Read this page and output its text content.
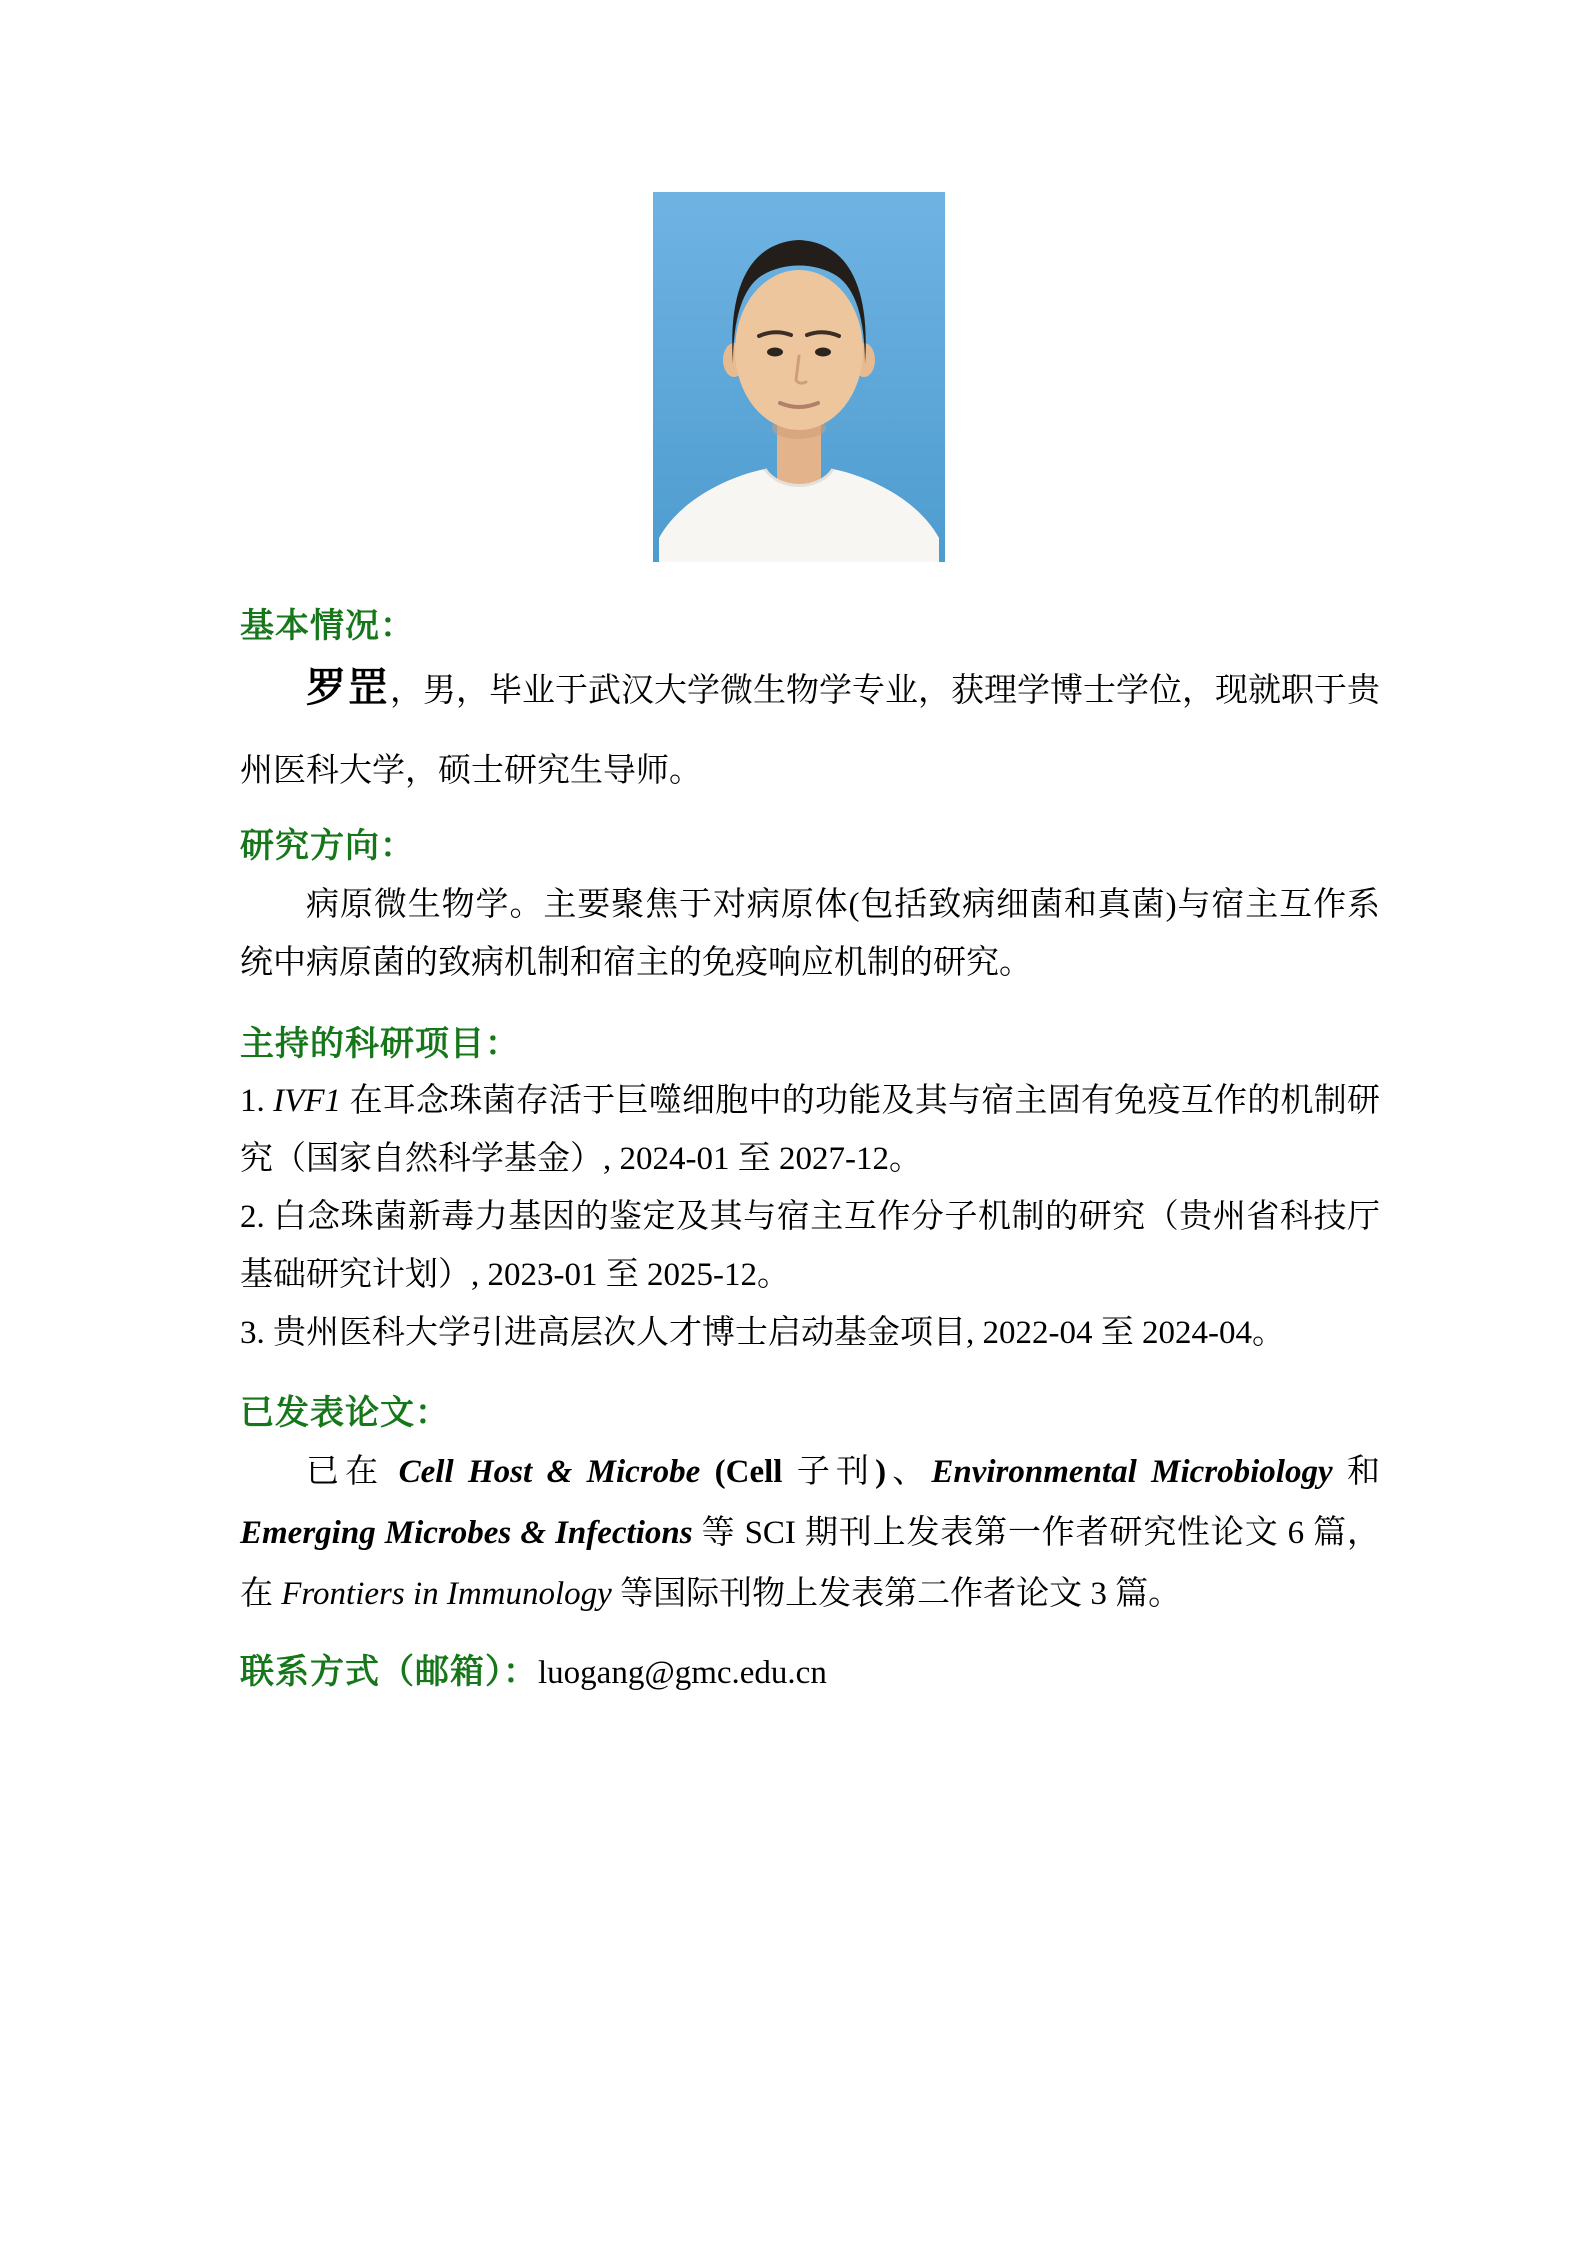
基本情况：
罗罡，男，毕业于武汉大学微生物学专业，获理学博士学位，现就职于贵州医科大学，硕士研究生导师。
研究方向：
病原微生物学。主要聚焦于对病原体(包括致病细菌和真菌)与宿主互作系统中病原菌的致病机制和宿主的免疫响应机制的研究。
主持的科研项目：
1. IVF1 在耳念珠菌存活于巨噬细胞中的功能及其与宿主固有免疫互作的机制研究（国家自然科学基金）, 2024-01 至 2027-12。
2. 白念珠菌新毒力基因的鉴定及其与宿主互作分子机制的研究（贵州省科技厅基础研究计划）, 2023-01 至 2025-12。
3. 贵州医科大学引进高层次人才博士启动基金项目, 2022-04 至 2024-04。
已发表论文：
已在 Cell Host & Microbe (Cell 子刊)、Environmental Microbiology 和 Emerging Microbes & Infections 等 SCI 期刊上发表第一作者研究性论文 6 篇，在 Frontiers in Immunology 等国际刊物上发表第二作者论文 3 篇。
联系方式（邮箱）：luogang@gmc.edu.cn
